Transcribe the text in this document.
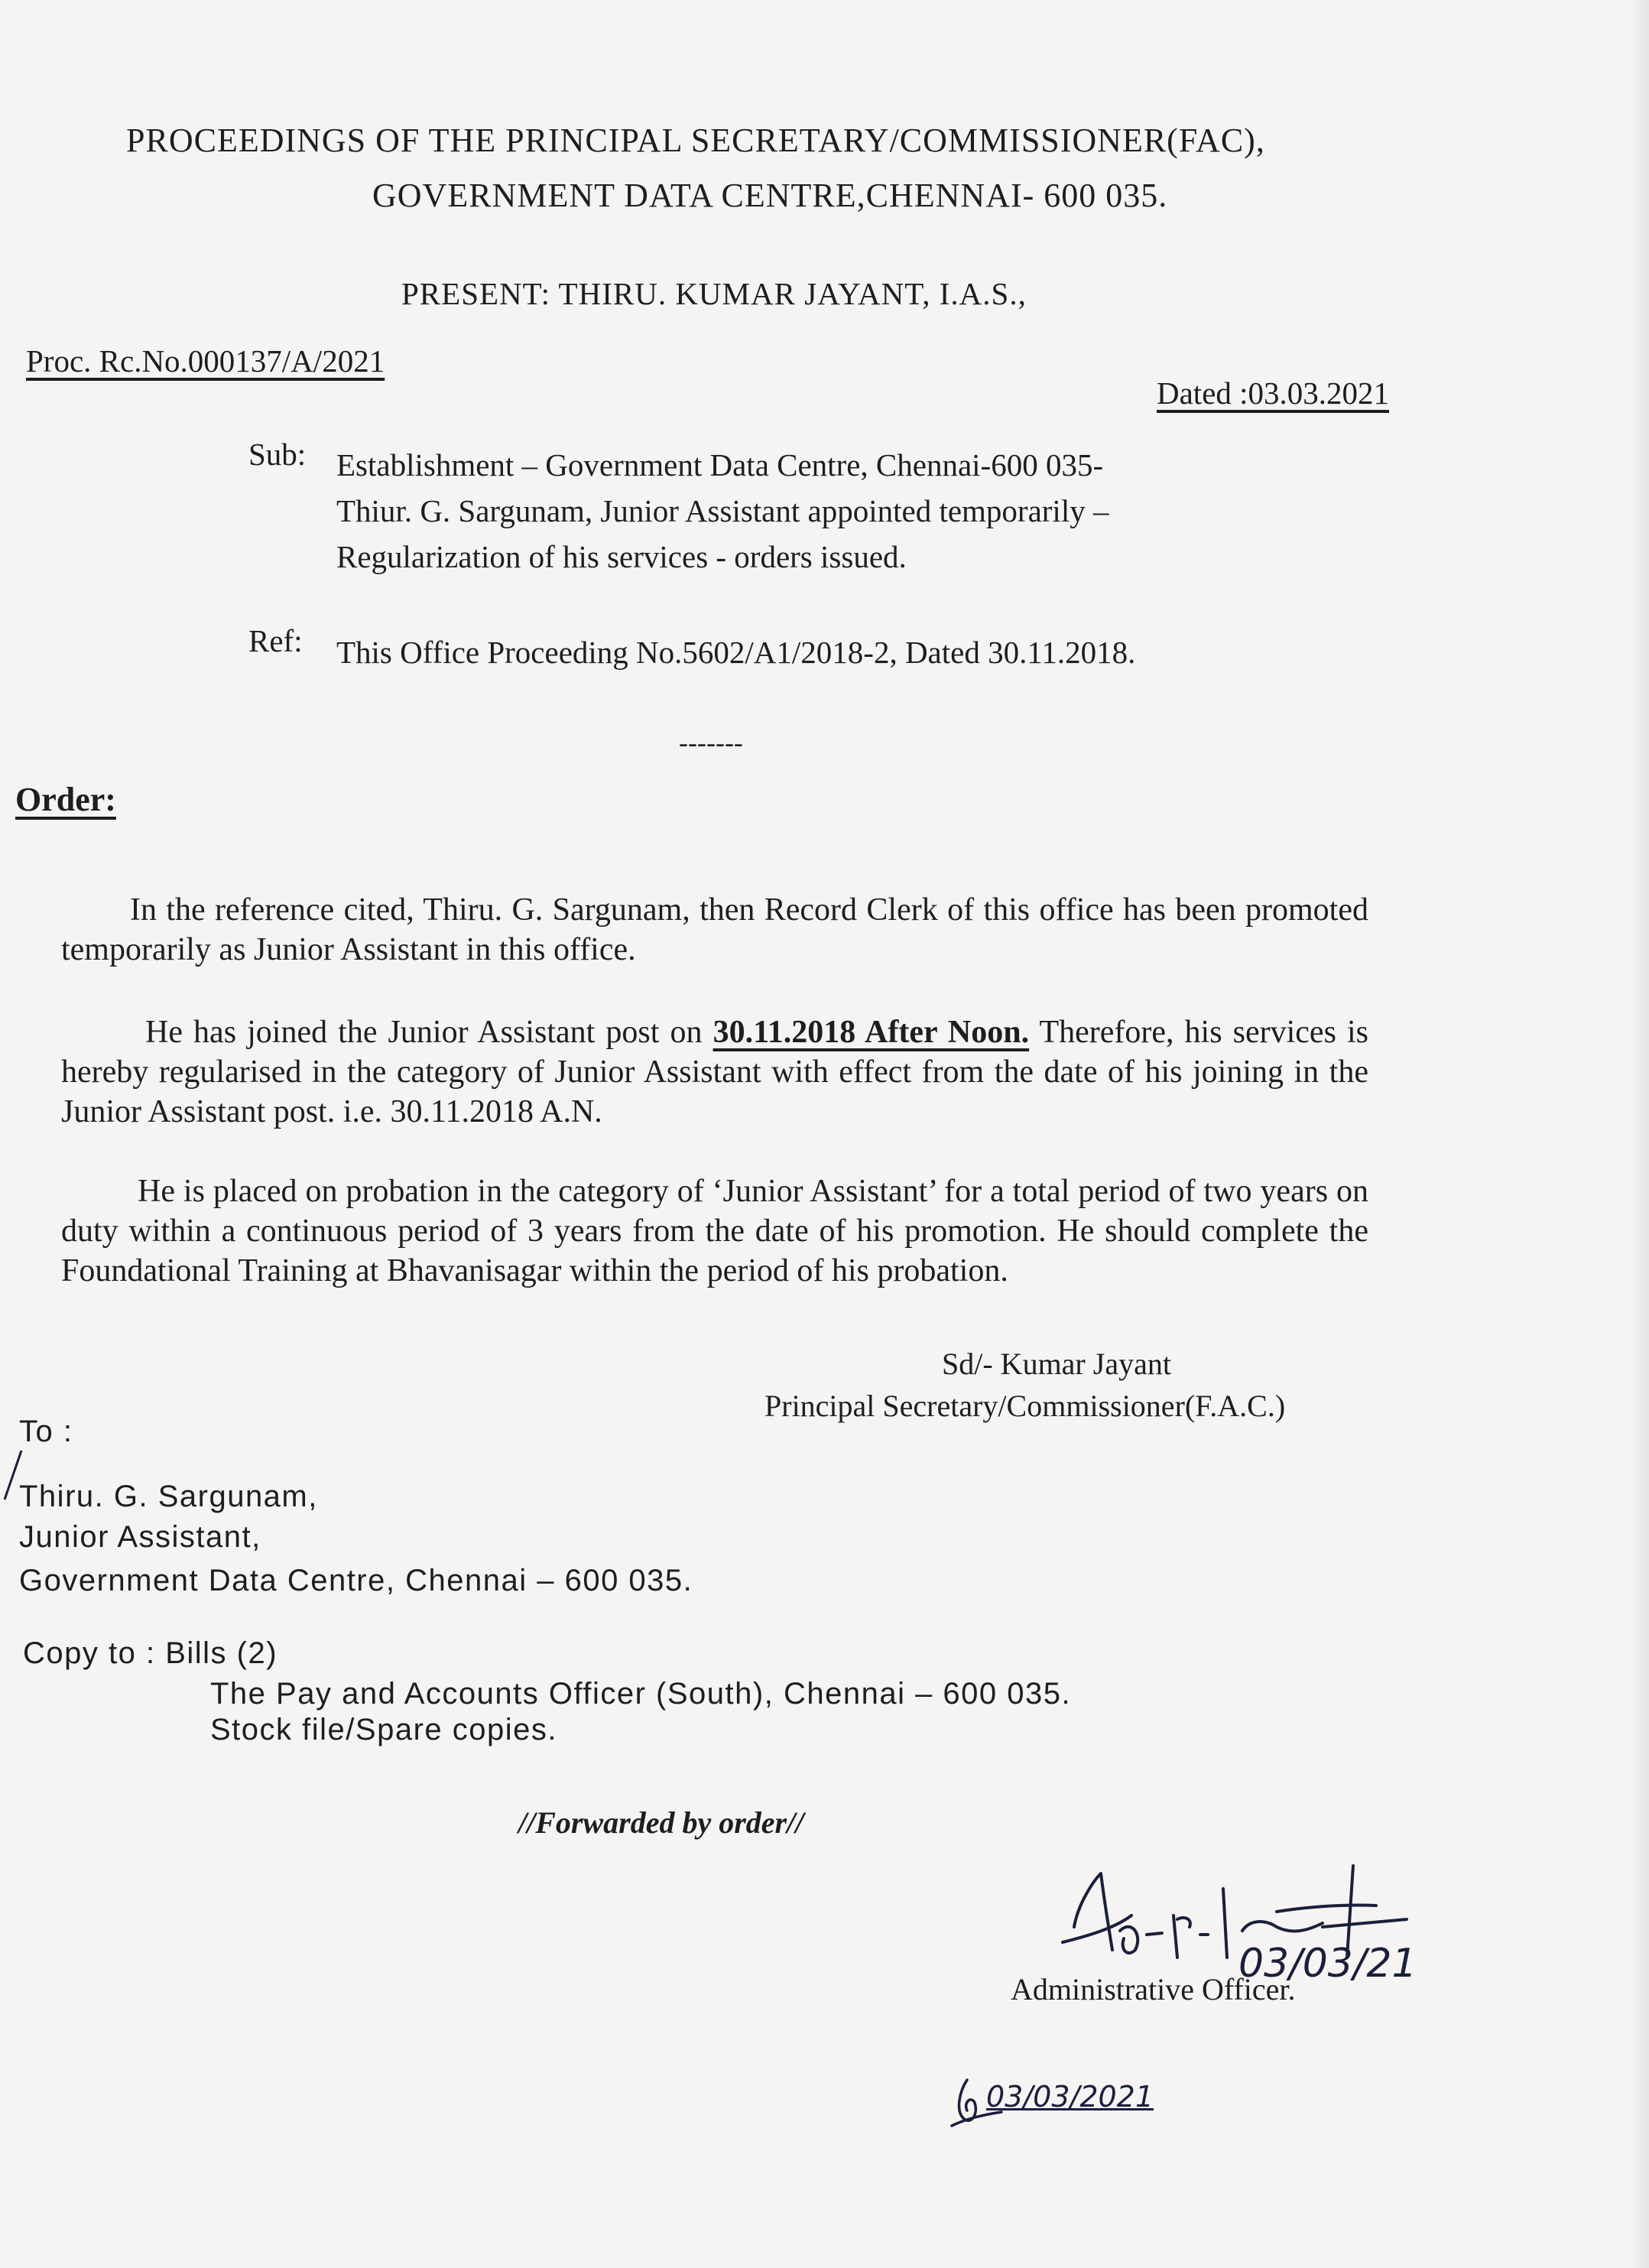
PROCEEDINGS OF THE PRINCIPAL SECRETARY/COMMISSIONER(FAC),

GOVERNMENT DATA CENTRE,CHENNAI- 600 035.

PRESENT: THIRU. KUMAR JAYANT, I.A.S.,

Proc. Rc.No.000137/A/2021

Dated :03.03.2021

Sub: Establishment – Government Data Centre, Chennai-600 035-

Thiur. G. Sargunam, Junior Assistant appointed temporarily –

Regularization of his services - orders issued.

Ref: This Office Proceeding No.5602/A1/2018-2, Dated 30.11.2018.

-------

Order:

In the reference cited, Thiru. G. Sargunam, then Record Clerk of this office has been promoted temporarily as Junior Assistant in this office.

He has joined the Junior Assistant post on 30.11.2018 After Noon. Therefore, his services is hereby regularised in the category of Junior Assistant with effect from the date of his joining in the Junior Assistant post. i.e. 30.11.2018 A.N.

He is placed on probation in the category of ‘Junior Assistant’ for a total period of two years on duty within a continuous period of 3 years from the date of his promotion. He should complete the Foundational Training at Bhavanisagar within the period of his probation.

Sd/- Kumar Jayant

Principal Secretary/Commissioner(F.A.C.)

To :

Thiru. G. Sargunam,

Junior Assistant,

Government Data Centre, Chennai – 600 035.

Copy to : Bills (2)

The Pay and Accounts Officer (South), Chennai – 600 035.

Stock file/Spare copies.

//Forwarded by order//

03/03/21

Administrative Officer.

03/03/2021
